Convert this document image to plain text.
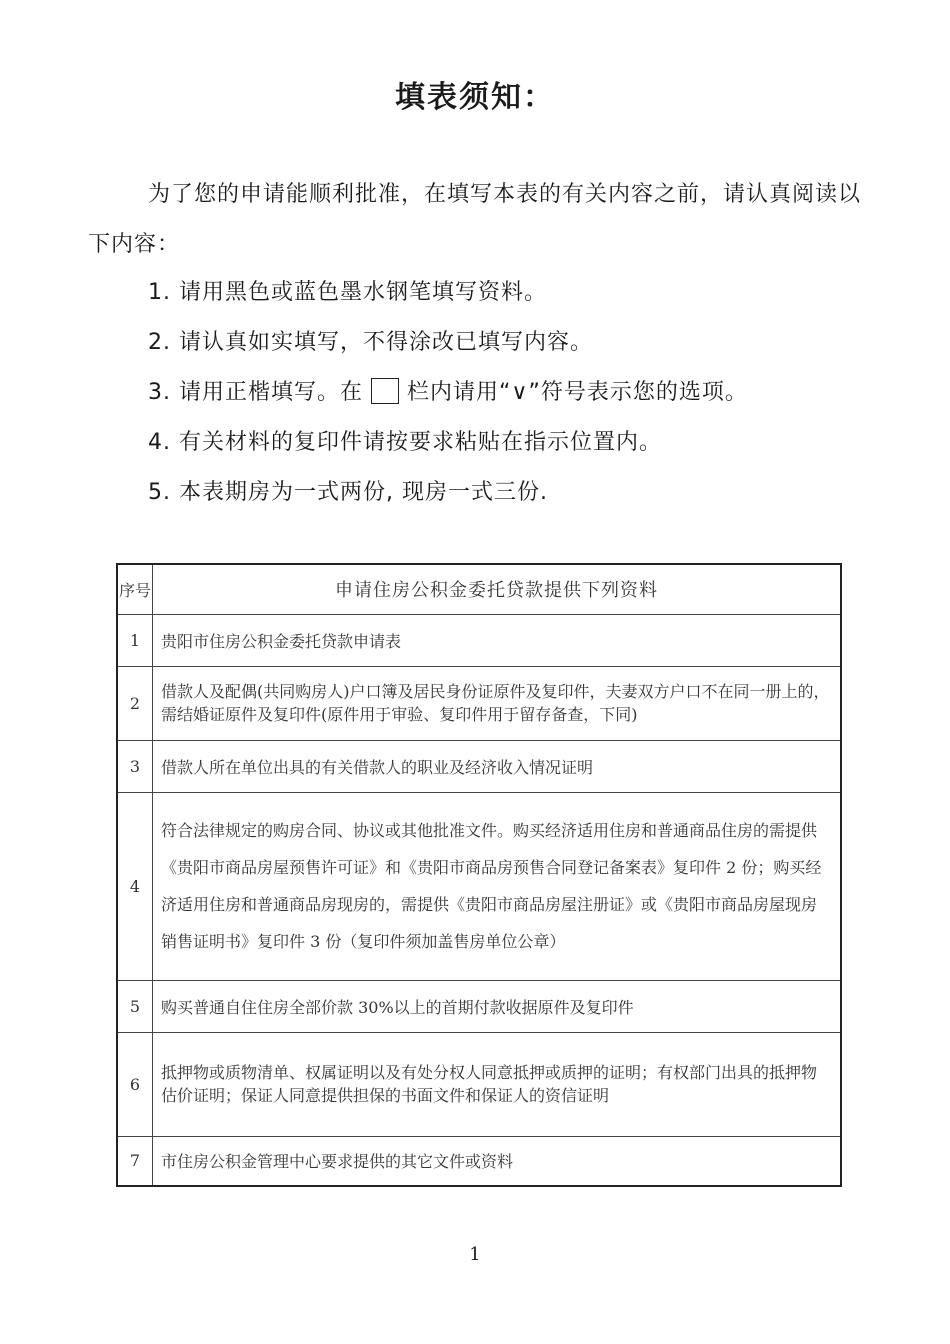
填表须知：

为了您的申请能顺利批准，在填写本表的有关内容之前，请认真阅读以下内容：

1. 请用黑色或蓝色墨水钢笔填写资料。
2. 请认真如实填写，不得涂改已填写内容。
3. 请用正楷填写。在 栏内请用“∨”符号表示您的选项。
4. 有关材料的复印件请按要求粘贴在指示位置内。
5. 本表期房为一式两份, 现房一式三份.
序号	申请住房公积金委托贷款提供下列资料
1	贵阳市住房公积金委托贷款申请表
2	借款人及配偶(共同购房人)户口簿及居民身份证原件及复印件，夫妻双方户口不在同一册上的，需结婚证原件及复印件(原件用于审验、复印件用于留存备查，下同)
3	借款人所在单位出具的有关借款人的职业及经济收入情况证明
4	符合法律规定的购房合同、协议或其他批准文件。购买经济适用住房和普通商品住房的需提供《贵阳市商品房屋预售许可证》和《贵阳市商品房预售合同登记备案表》复印件 2 份；购买经济适用住房和普通商品房现房的，需提供《贵阳市商品房屋注册证》或《贵阳市商品房屋现房销售证明书》复印件 3 份（复印件须加盖售房单位公章）
5	购买普通自住住房全部价款 30%以上的首期付款收据原件及复印件
6	抵押物或质物清单、权属证明以及有处分权人同意抵押或质押的证明；有权部门出具的抵押物估价证明；保证人同意提供担保的书面文件和保证人的资信证明
7	市住房公积金管理中心要求提供的其它文件或资料
1
